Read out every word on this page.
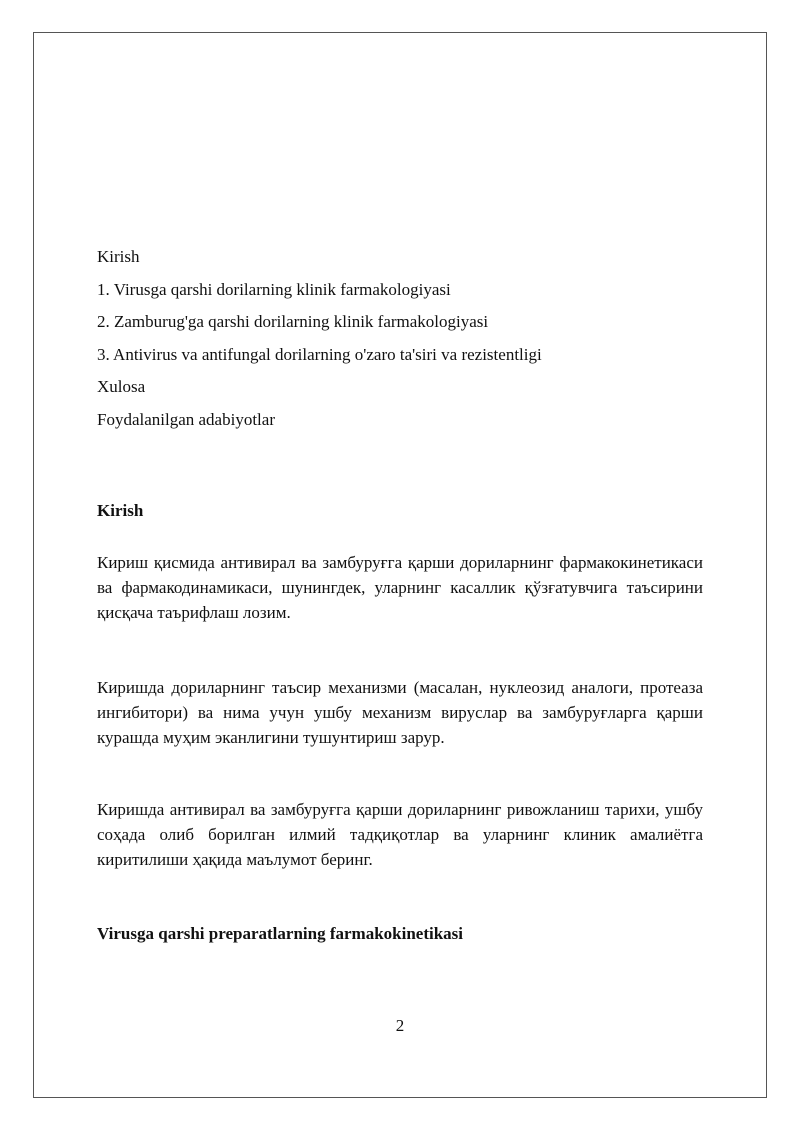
Kirish
1. Virusga qarshi dorilarning klinik farmakologiyasi
2. Zamburug'ga qarshi dorilarning klinik farmakologiyasi
3. Antivirus va antifungal dorilarning o'zaro ta'siri va rezistentligi
Xulosa
Foydalanilgan adabiyotlar
Kirish
Кириш қисмида антивирал ва замбуруғга қарши дориларнинг фармакокинетикаси ва фармакодинамикаси, шунингдек, уларнинг касаллик қўзғатувчига таъсирини қисқача таърифлаш лозим.
Киришда дориларнинг таъсир механизми (масалан, нуклеозид аналоги, протеаза ингибитори) ва нима учун ушбу механизм вируслар ва замбуруғларга қарши курашда муҳим эканлигини тушунтириш зарур.
Киришда антивирал ва замбуруғга қарши дориларнинг ривожланиш тарихи, ушбу соҳада олиб борилган илмий тадқиқотлар ва уларнинг клиник амалиётга киритилиши ҳақида маълумот беринг.
Virusga qarshi preparatlarning farmakokinetikasi
2
